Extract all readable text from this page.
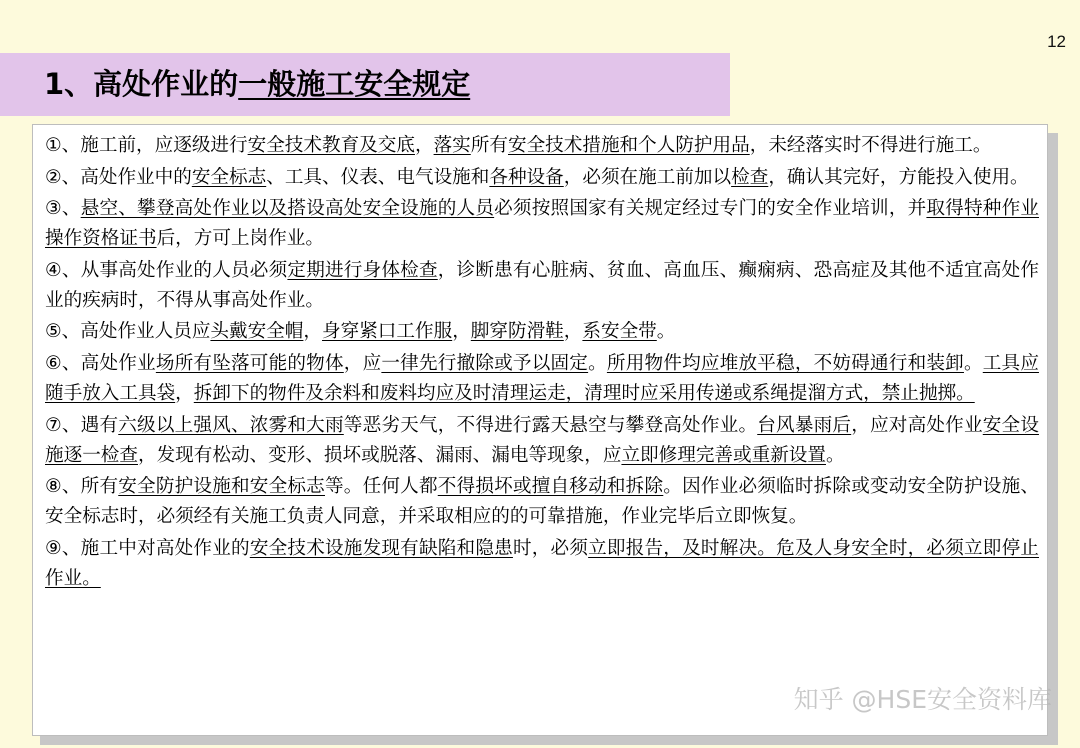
12
1、高处作业的一般施工安全规定
①、施工前，应逐级进行安全技术教育及交底，落实所有安全技术措施和个人防护用品，未经落实时不得进行施工。
②、高处作业中的安全标志、工具、仪表、电气设施和各种设备，必须在施工前加以检查，确认其完好，方能投入使用。
③、悬空、攀登高处作业以及搭设高处安全设施的人员必须按照国家有关规定经过专门的安全作业培训，并取得特种作业操作资格证书后，方可上岗作业。
④、从事高处作业的人员必须定期进行身体检查，诊断患有心脏病、贫血、高血压、癫痫病、恐高症及其他不适宜高处作业的疾病时，不得从事高处作业。
⑤、高处作业人员应头戴安全帽，身穿紧口工作服，脚穿防滑鞋，系安全带。
⑥、高处作业场所有坠落可能的物体，应一律先行撤除或予以固定。所用物件均应堆放平稳，不妨碍通行和装卸。工具应随手放入工具袋，拆卸下的物件及余料和废料均应及时清理运走，清理时应采用传递或系绳提溜方式，禁止抛掷。
⑦、遇有六级以上强风、浓雾和大雨等恶劣天气，不得进行露天悬空与攀登高处作业。台风暴雨后，应对高处作业安全设施逐一检查，发现有松动、变形、损坏或脱落、漏雨、漏电等现象，应立即修理完善或重新设置。
⑧、所有安全防护设施和安全标志等。任何人都不得损坏或擅自移动和拆除。因作业必须临时拆除或变动安全防护设施、安全标志时，必须经有关施工负责人同意，并采取相应的的可靠措施，作业完毕后立即恢复。
⑨、施工中对高处作业的安全技术设施发现有缺陷和隐患时，必须立即报告，及时解决。危及人身安全时，必须立即停止作业。
知乎 @HSE安全资料库
